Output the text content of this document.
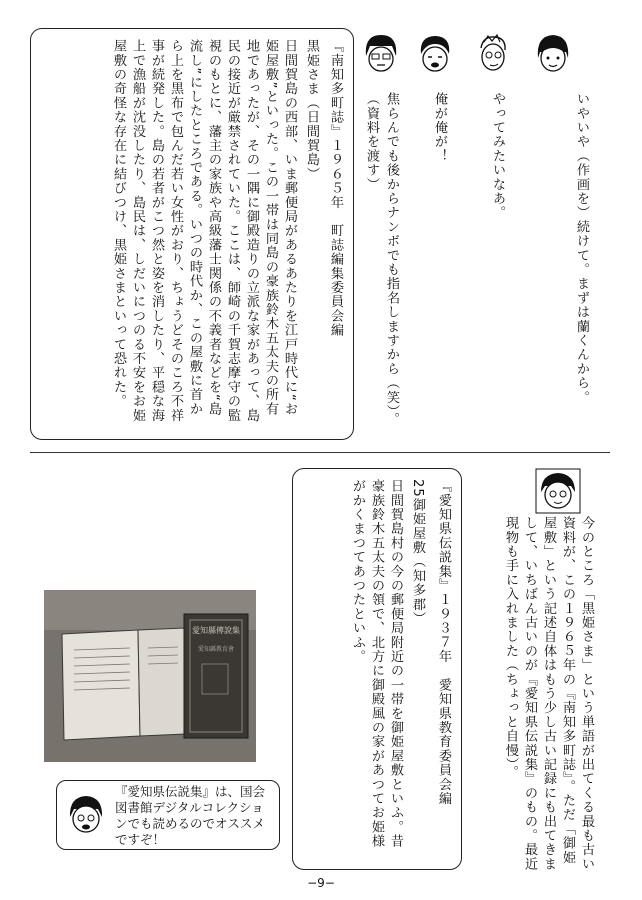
いやいや（作画を）続けて。まずは蘭くんから。
やってみたいなあ。
俺が俺が！
焦らんでも後からナンボでも指名しますから（笑）。
（資料を渡す）
『南知多町誌』１９６５年　町誌編集委員会編
黒姫さま（日間賀島）
日間賀島の西部、いま郵便局があるあたりを江戸時代に“お姫屋敷”といった。この一帯は同島の豪族鈴木五太夫の所有地であったが、その一隅に御殿造りの立派な家があって、島民の接近が厳禁されていた。ここは、師崎の千賀志摩守の監視のもとに、藩主の家族や高級藩士関係の不義者などを“島流し”にしたところである。いつの時代か、この屋敷に首から上を黒布で包んだ若い女性がおり、ちょうどそのころ不祥事が続発した。島の若者がこつ然と姿を消したり、平穏な海上で漁船が沈没したり、島民は、しだいにつのる不安をお姫屋敷の奇怪な存在に結びつけ、黒姫さまといって恐れた。
今のところ「黒姫さま」という単語が出てくる最も古い資料が、この１９６５年の『南知多町誌』。ただ「御姫屋敷」という記述自体はもう少し古い記録にも出てきまして、いちばん古いのが『愛知県伝説集』のもの。最近現物も手に入れました（ちょっと自慢）。
『愛知県伝説集』１９３７年　愛知県教育委員会編
25御姫屋敷（知多郡）
日間賀島村の今の郵便局附近の一帯を御姫屋敷といふ。昔豪族鈴木五太夫の領で、北方に御殿風の家があつてお姫様がかくまつてあつたといふ。
愛知縣傳說集
愛知縣教育會
『愛知県伝説集』は、国会図書館デジタルコレクションでも読めるのでオススメですぞ！
−9−
